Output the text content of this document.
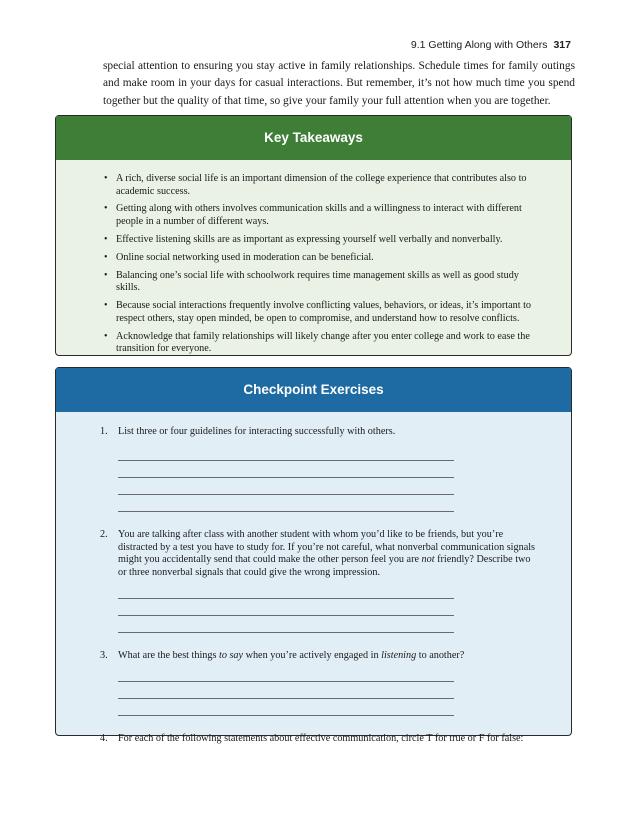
9.1 Getting Along with Others 317

special attention to ensuring you stay active in family relationships. Schedule times for family outings and make room in your days for casual interactions. But remember, it’s not how much time you spend together but the quality of that time, so give your family your full attention when you are together.

Key Takeaways
• A rich, diverse social life is an important dimension of the college experience that contributes also to academic success.
• Getting along with others involves communication skills and a willingness to interact with different people in a number of different ways.
• Effective listening skills are as important as expressing yourself well verbally and nonverbally.
• Online social networking used in moderation can be beneficial.
• Balancing one’s social life with schoolwork requires time management skills as well as good study skills.
• Because social interactions frequently involve conflicting values, behaviors, or ideas, it’s important to respect others, stay open minded, be open to compromise, and understand how to resolve conflicts.
• Acknowledge that family relationships will likely change after you enter college and work to ease the transition for everyone.
Checkpoint Exercises
1. List three or four guidelines for interacting successfully with others.
2. You are talking after class with another student with whom you’d like to be friends, but you’re distracted by a test you have to study for. If you’re not careful, what nonverbal communication signals might you accidentally send that could make the other person feel you are not friendly? Describe two or three nonverbal signals that could give the wrong impression.
3. What are the best things to say when you’re actively engaged in listening to another?
4. For each of the following statements about effective communication, circle T for true or F for false:
